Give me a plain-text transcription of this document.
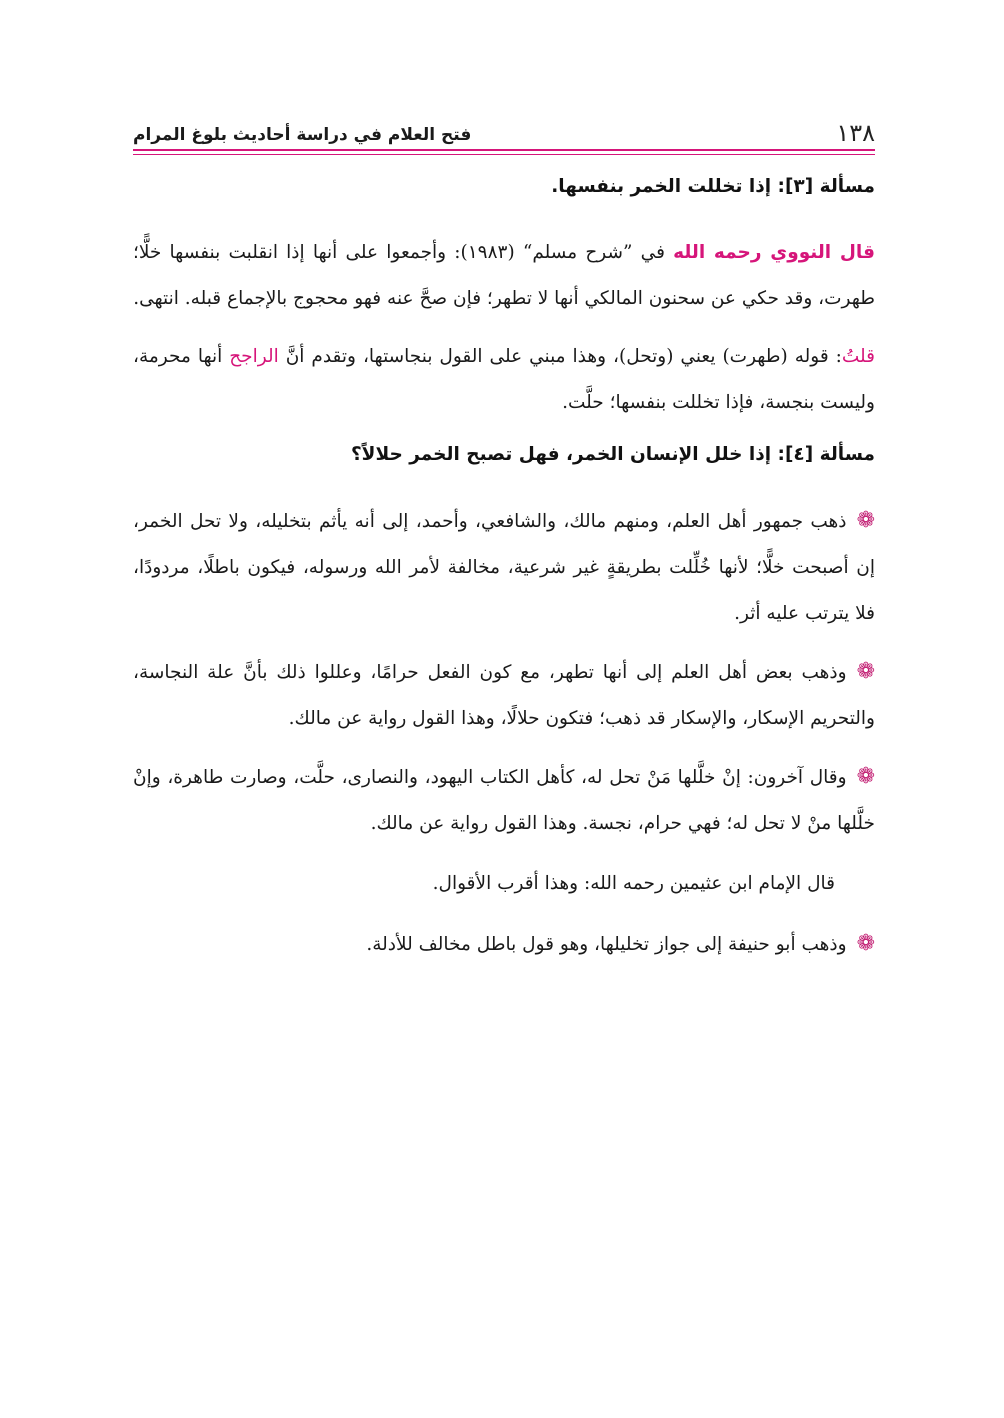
١٣٨
فتح العلام في دراسة أحاديث بلوغ المرام
مسألة [٣]: إذا تخللت الخمر بنفسها.

قال النووي رحمه الله في ”شرح مسلم“ (١٩٨٣): وأجمعوا على أنها إذا انقلبت بنفسها خلًّا؛ طهرت، وقد حكي عن سحنون المالكي أنها لا تطهر؛ فإن صحَّ عنه فهو محجوج بالإجماع قبله. انتهى.

قلتُ: قوله (طهرت) يعني (وتحل)، وهذا مبني على القول بنجاستها، وتقدم أنَّ الراجح أنها محرمة، وليست بنجسة، فإذا تخللت بنفسها؛ حلَّت.

مسألة [٤]: إذا خلل الإنسان الخمر، فهل تصبح الخمر حلالاً؟

❁ذهب جمهور أهل العلم، ومنهم مالك، والشافعي، وأحمد، إلى أنه يأثم بتخليله، ولا تحل الخمر، إن أصبحت خلًّا؛ لأنها خُلِّلت بطريقةٍ غير شرعية، مخالفة لأمر الله ورسوله، فيكون باطلًا، مردودًا، فلا يترتب عليه أثر.

❁وذهب بعض أهل العلم إلى أنها تطهر، مع كون الفعل حرامًا، وعللوا ذلك بأنَّ علة النجاسة، والتحريم الإسكار، والإسكار قد ذهب؛ فتكون حلالًا، وهذا القول رواية عن مالك.

❁وقال آخرون: إنْ خلَّلها مَنْ تحل له، كأهل الكتاب اليهود، والنصارى، حلَّت، وصارت طاهرة، وإنْ خلَّلها منْ لا تحل له؛ فهي حرام، نجسة. وهذا القول رواية عن مالك.

قال الإمام ابن عثيمين رحمه الله: وهذا أقرب الأقوال.

❁وذهب أبو حنيفة إلى جواز تخليلها، وهو قول باطل مخالف للأدلة.
